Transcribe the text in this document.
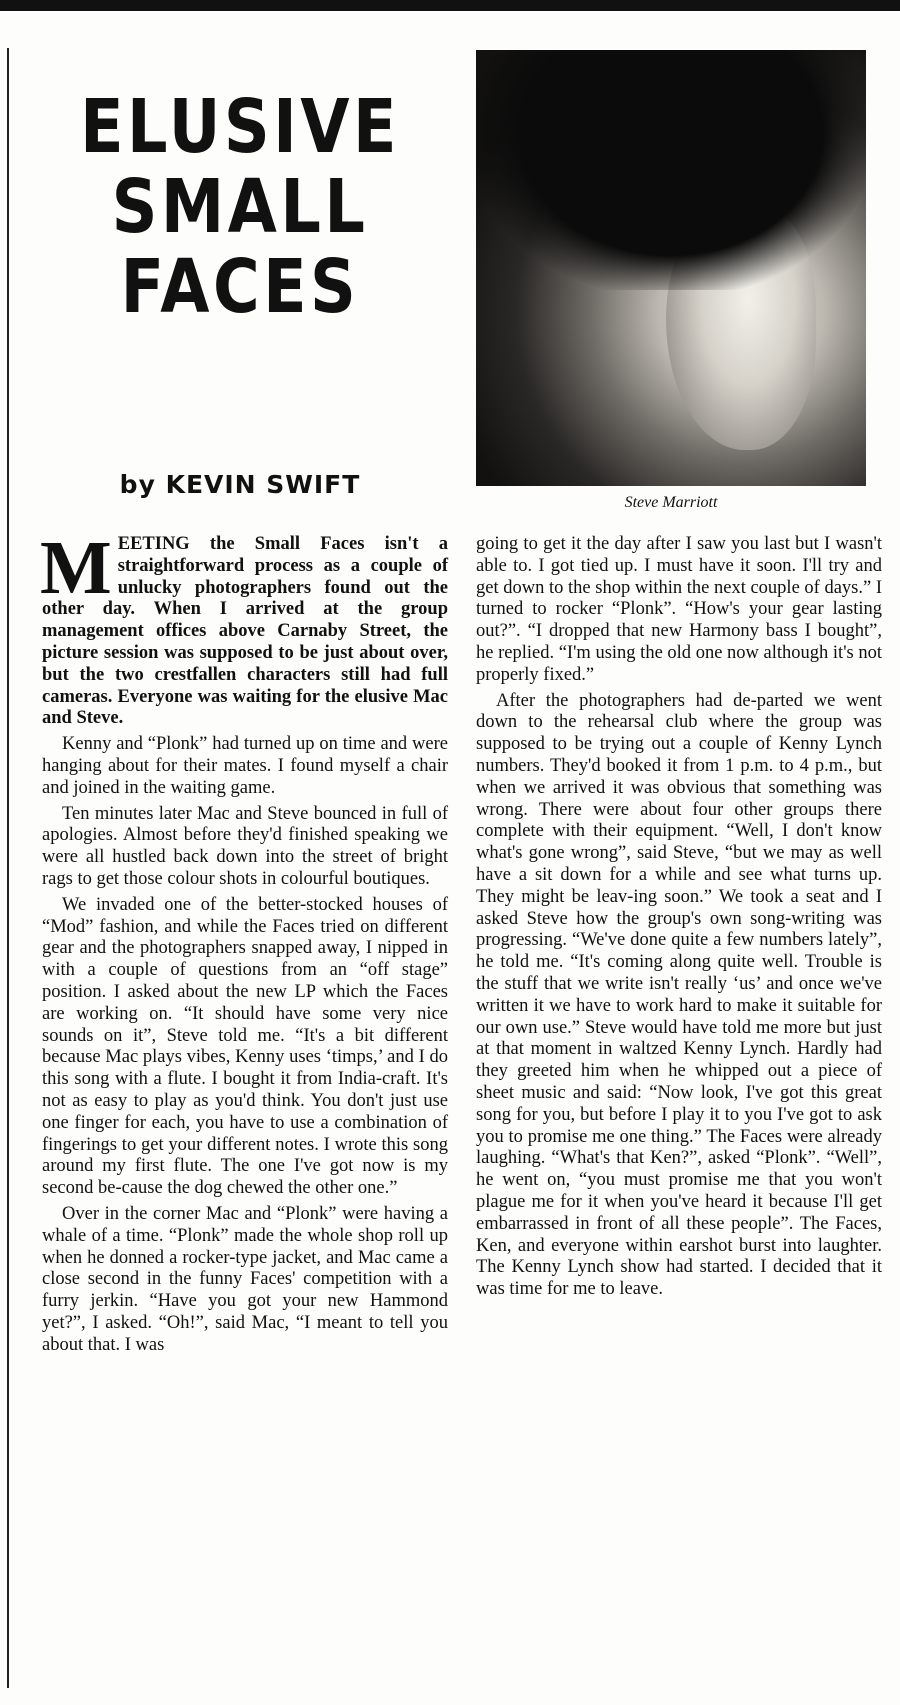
ELUSIVE
SMALL
FACES
by KEVIN SWIFT
Steve Marriott

MEETING the Small Faces isn't a straightforward process as a couple of unlucky photographers found out the other day. When I arrived at the group management offices above Carnaby Street, the picture session was supposed to be just about over, but the two crestfallen characters still had full cameras. Everyone was waiting for the elusive Mac and Steve.

Kenny and “Plonk” had turned up on time and were hanging about for their mates. I found myself a chair and joined in the waiting game.

Ten minutes later Mac and Steve bounced in full of apologies. Almost before they'd finished speaking we were all hustled back down into the street of bright rags to get those colour shots in colourful boutiques.

We invaded one of the better-stocked houses of “Mod” fashion, and while the Faces tried on different gear and the photographers snapped away, I nipped in with a couple of questions from an “off stage” position. I asked about the new LP which the Faces are working on. “It should have some very nice sounds on it”, Steve told me. “It's a bit different because Mac plays vibes, Kenny uses ‘timps,’ and I do this song with a flute. I bought it from India-craft. It's not as easy to play as you'd think. You don't just use one finger for each, you have to use a combination of fingerings to get your different notes. I wrote this song around my first flute. The one I've got now is my second be-cause the dog chewed the other one.”

Over in the corner Mac and “Plonk” were having a whale of a time. “Plonk” made the whole shop roll up when he donned a rocker-type jacket, and Mac came a close second in the funny Faces' competition with a furry jerkin. “Have you got your new Hammond yet?”, I asked. “Oh!”, said Mac, “I meant to tell you about that. I was

going to get it the day after I saw you last but I wasn't able to. I got tied up. I must have it soon. I'll try and get down to the shop within the next couple of days.” I turned to rocker “Plonk”. “How's your gear lasting out?”. “I dropped that new Harmony bass I bought”, he replied. “I'm using the old one now although it's not properly fixed.”

After the photographers had de-parted we went down to the rehearsal club where the group was supposed to be trying out a couple of Kenny Lynch numbers. They'd booked it from 1 p.m. to 4 p.m., but when we arrived it was obvious that something was wrong. There were about four other groups there complete with their equipment. “Well, I don't know what's gone wrong”, said Steve, “but we may as well have a sit down for a while and see what turns up. They might be leav-ing soon.” We took a seat and I asked Steve how the group's own song-writing was progressing. “We've done quite a few numbers lately”, he told me. “It's coming along quite well. Trouble is the stuff that we write isn't really ‘us’ and once we've written it we have to work hard to make it suitable for our own use.” Steve would have told me more but just at that moment in waltzed Kenny Lynch. Hardly had they greeted him when he whipped out a piece of sheet music and said: “Now look, I've got this great song for you, but before I play it to you I've got to ask you to promise me one thing.” The Faces were already laughing. “What's that Ken?”, asked “Plonk”. “Well”, he went on, “you must promise me that you won't plague me for it when you've heard it because I'll get embarrassed in front of all these people”. The Faces, Ken, and everyone within earshot burst into laughter. The Kenny Lynch show had started. I decided that it was time for me to leave.
